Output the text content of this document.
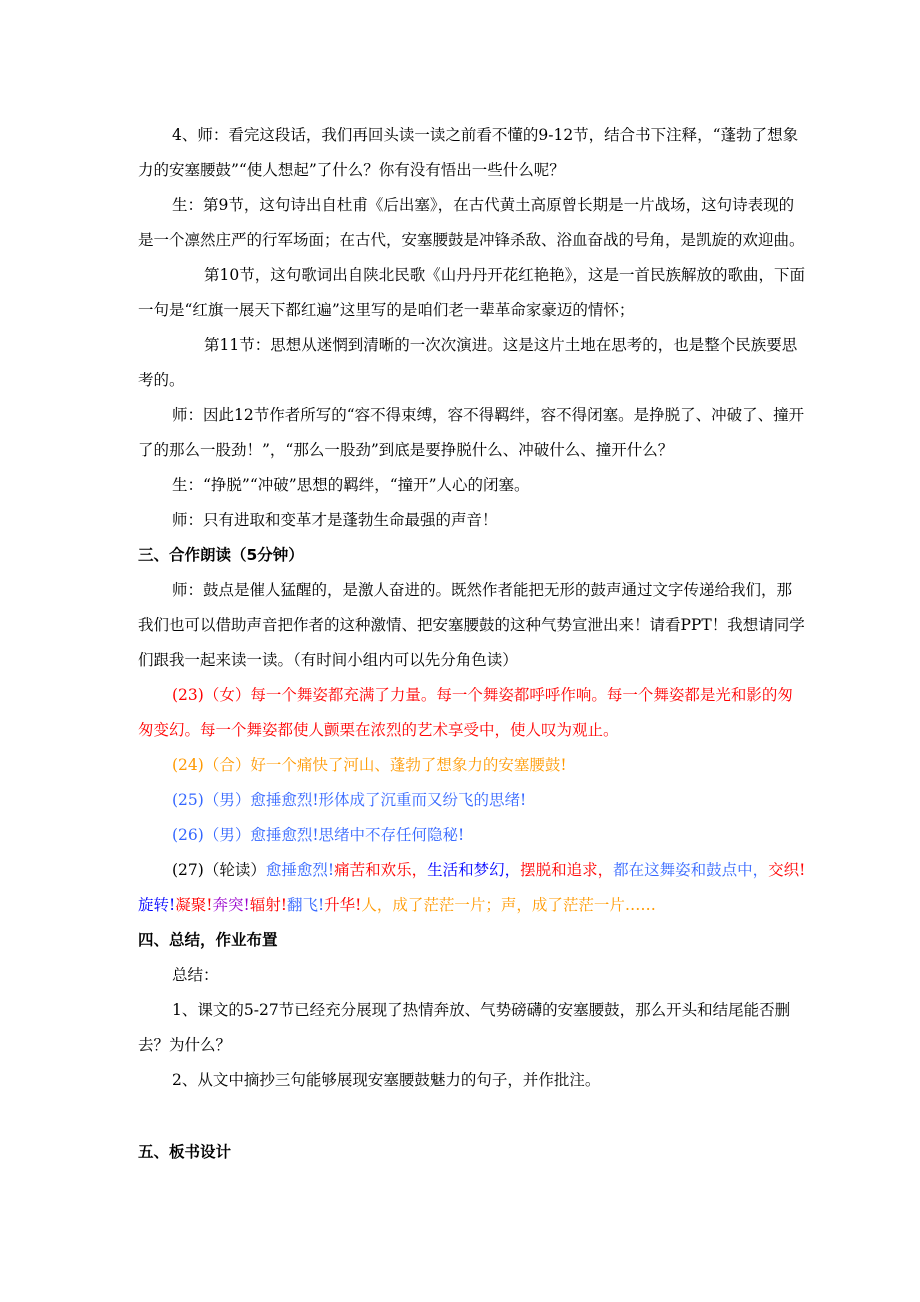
4、师：看完这段话，我们再回头读一读之前看不懂的9-12节，结合书下注释，“蓬勃了想象力的安塞腰鼓”“使人想起”了什么？你有没有悟出一些什么呢？

生：第9节，这句诗出自杜甫《后出塞》，在古代黄土高原曾长期是一片战场，这句诗表现的是一个凛然庄严的行军场面；在古代，安塞腰鼓是冲锋杀敌、浴血奋战的号角，是凯旋的欢迎曲。

第10节，这句歌词出自陕北民歌《山丹丹开花红艳艳》，这是一首民族解放的歌曲，下面一句是“红旗一展天下都红遍”这里写的是咱们老一辈革命家豪迈的情怀；

第11节：思想从迷惘到清晰的一次次演进。这是这片土地在思考的，也是整个民族要思考的。

师：因此12节作者所写的“容不得束缚，容不得羁绊，容不得闭塞。是挣脱了、冲破了、撞开了的那么一股劲！”，“那么一股劲”到底是要挣脱什么、冲破什么、撞开什么？

生：“挣脱”“冲破”思想的羁绊，“撞开”人心的闭塞。

师：只有进取和变革才是蓬勃生命最强的声音！

三、合作朗读（5分钟）

师：鼓点是催人猛醒的，是激人奋进的。既然作者能把无形的鼓声通过文字传递给我们，那我们也可以借助声音把作者的这种激情、把安塞腰鼓的这种气势宣泄出来！请看PPT！我想请同学们跟我一起来读一读。（有时间小组内可以先分角色读）

(23)（女）每一个舞姿都充满了力量。每一个舞姿都呼呼作响。每一个舞姿都是光和影的匆匆变幻。每一个舞姿都使人颤栗在浓烈的艺术享受中，使人叹为观止。

(24)（合）好一个痛快了河山、蓬勃了想象力的安塞腰鼓!

(25)（男）愈捶愈烈!形体成了沉重而又纷飞的思绪!

(26)（男）愈捶愈烈!思绪中不存任何隐秘!

(27)（轮读）愈捶愈烈!痛苦和欢乐，生活和梦幻，摆脱和追求，都在这舞姿和鼓点中，交织!旋转!凝聚!奔突!辐射!翻飞!升华!人，成了茫茫一片；声，成了茫茫一片……

四、总结，作业布置

总结：

1、课文的5-27节已经充分展现了热情奔放、气势磅礴的安塞腰鼓，那么开头和结尾能否删去？为什么？

2、从文中摘抄三句能够展现安塞腰鼓魅力的句子，并作批注。

五、板书设计
